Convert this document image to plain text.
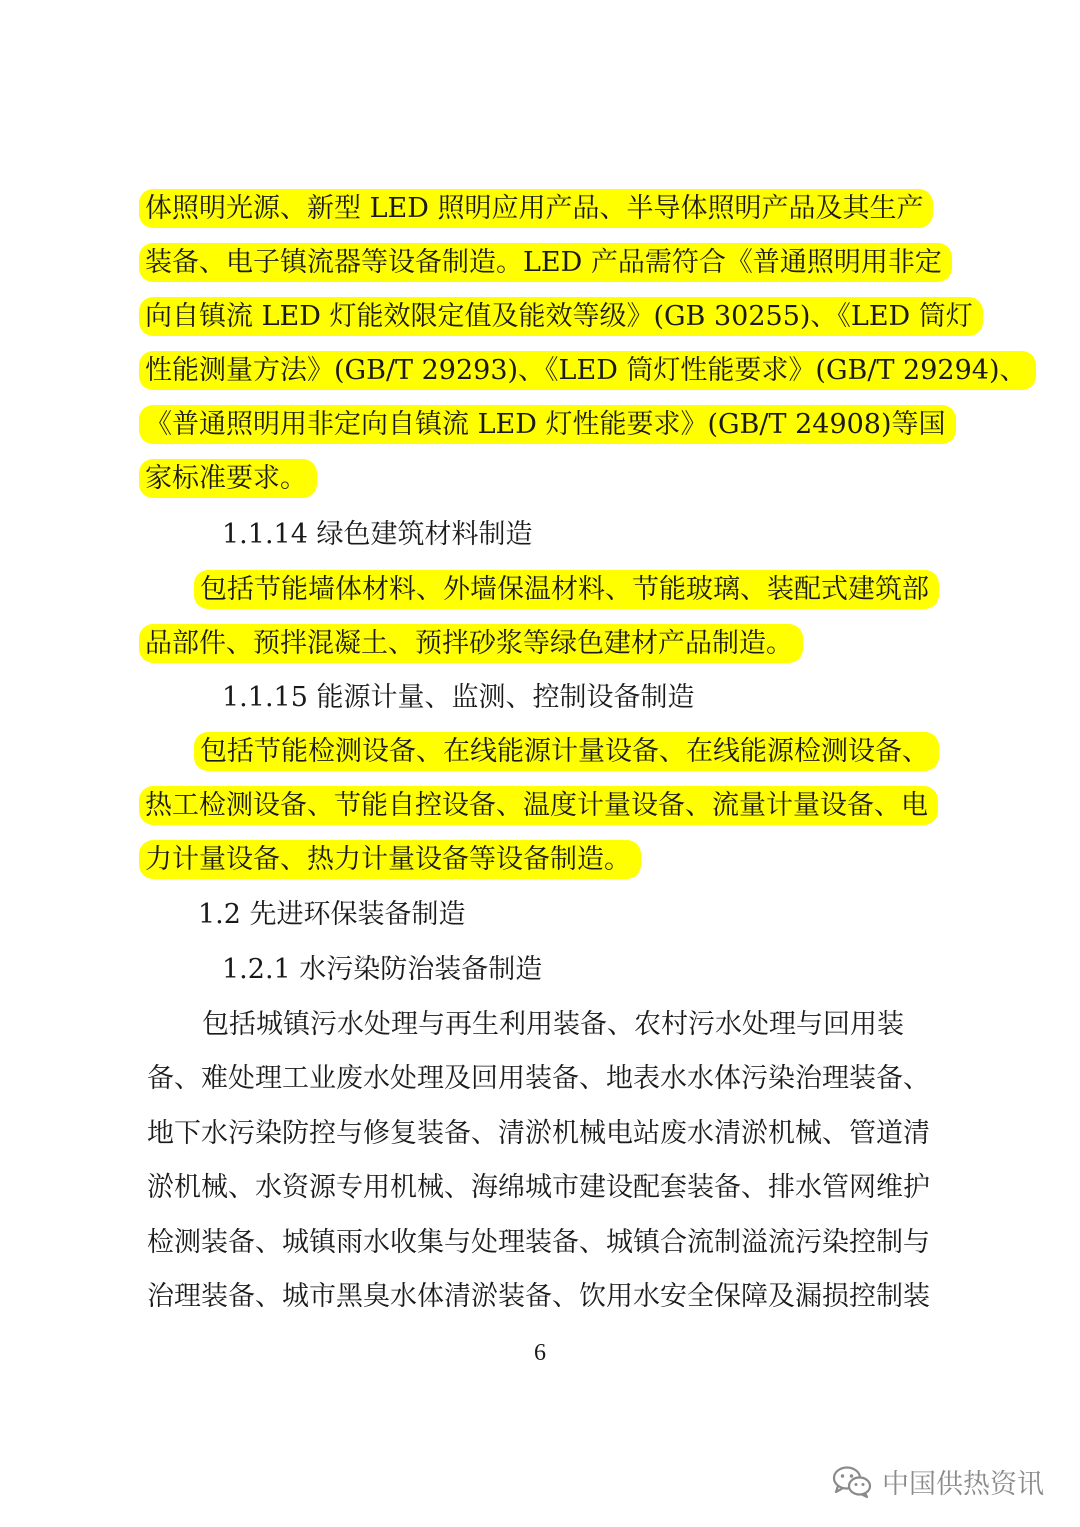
体照明光源、新型 LED 照明应用产品、半导体照明产品及其生产
装备、电子镇流器等设备制造。LED 产品需符合《普通照明用非定
向自镇流 LED 灯能效限定值及能效等级》(GB 30255)、《LED 筒灯
性能测量方法》(GB/T 29293)、《LED 筒灯性能要求》(GB/T 29294)、
《普通照明用非定向自镇流 LED 灯性能要求》(GB/T 24908)等国
家标准要求。
1.1.14 绿色建筑材料制造
包括节能墙体材料、外墙保温材料、节能玻璃、装配式建筑部
品部件、预拌混凝土、预拌砂浆等绿色建材产品制造。
1.1.15 能源计量、监测、控制设备制造
包括节能检测设备、在线能源计量设备、在线能源检测设备、
热工检测设备、节能自控设备、温度计量设备、流量计量设备、电
力计量设备、热力计量设备等设备制造。
1.2 先进环保装备制造
1.2.1 水污染防治装备制造
包括城镇污水处理与再生利用装备、农村污水处理与回用装
备、难处理工业废水处理及回用装备、地表水水体污染治理装备、
地下水污染防控与修复装备、清淤机械电站废水清淤机械、管道清
淤机械、水资源专用机械、海绵城市建设配套装备、排水管网维护
检测装备、城镇雨水收集与处理装备、城镇合流制溢流污染控制与
治理装备、城市黑臭水体清淤装备、饮用水安全保障及漏损控制装
6
中国供热资讯
